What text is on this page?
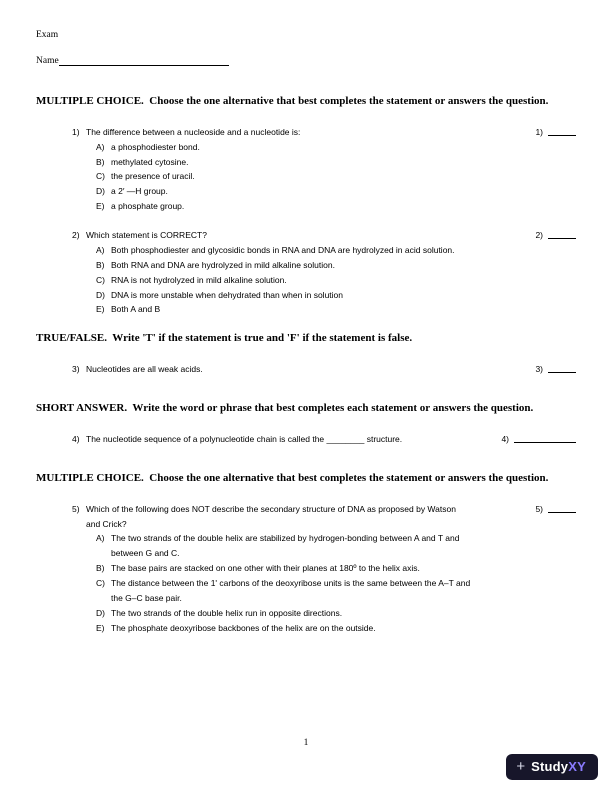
Exam
Name
MULTIPLE CHOICE.  Choose the one alternative that best completes the statement or answers the question.
1) The difference between a nucleoside and a nucleotide is:	1)
A) a phosphodiester bond.
B) methylated cytosine.
C) the presence of uracil.
D) a 2′ —H group.
E) a phosphate group.
2) Which statement is CORRECT?	2)
A) Both phosphodiester and glycosidic bonds in RNA and DNA are hydrolyzed in acid solution.
B) Both RNA and DNA are hydrolyzed in mild alkaline solution.
C) RNA is not hydrolyzed in mild alkaline solution.
D) DNA is more unstable when dehydrated than when in solution
E) Both A and B
TRUE/FALSE.  Write 'T' if the statement is true and 'F' if the statement is false.
3) Nucleotides are all weak acids.	3)
SHORT ANSWER.  Write the word or phrase that best completes each statement or answers the question.
4) The nucleotide sequence of a polynucleotide chain is called the ________ structure.	4)
MULTIPLE CHOICE.  Choose the one alternative that best completes the statement or answers the question.
5) Which of the following does NOT describe the secondary structure of DNA as proposed by Watson and Crick?
5)
A) The two strands of the double helix are stabilized by hydrogen-bonding between A and T and between G and C.
B) The base pairs are stacked on one other with their planes at 180º to the helix axis.
C) The distance between the 1' carbons of the deoxyribose units is the same between the A–T and the G–C base pair.
D) The two strands of the double helix run in opposite directions.
E) The phosphate deoxyribose backbones of the helix are on the outside.
1
+ StudyXY
